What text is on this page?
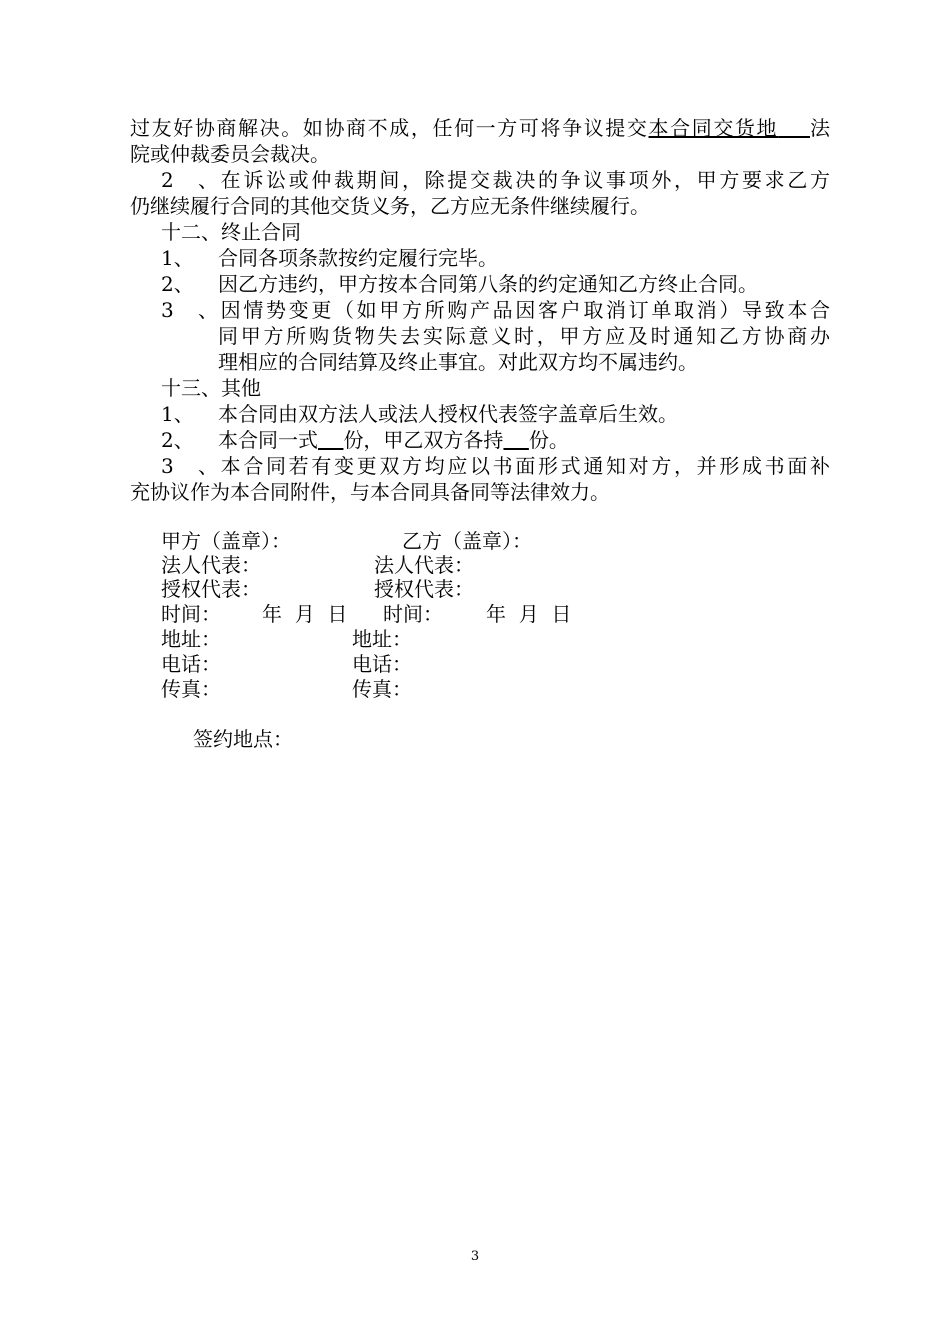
过友好协商解决。如协商不成，任何一方可将争议提交本合同交货地 法
院或仲裁委员会裁决。
2、在诉讼或仲裁期间，除提交裁决的争议事项外，甲方要求乙方
仍继续履行合同的其他交货义务，乙方应无条件继续履行。
十二、终止合同
1、 合同各项条款按约定履行完毕。
2、 因乙方违约，甲方按本合同第八条的约定通知乙方终止合同。
3、因情势变更（如甲方所购产品因客户取消订单取消）导致本合
同甲方所购货物失去实际意义时，甲方应及时通知乙方协商办
理相应的合同结算及终止事宜。对此双方均不属违约。
十三、其他
1、 本合同由双方法人或法人授权代表签字盖章后生效。
2、 本合同一式 份，甲乙双方各持 份。
3、本合同若有变更双方均应以书面形式通知对方，并形成书面补
充协议作为本合同附件，与本合同具备同等法律效力。
甲方（盖章）：	乙方（盖章）：
法人代表：	法人代表：
授权代表：	授权代表：
时间： 年  月  日 时间： 年  月  日
地址：	地址：
电话：	电话：
传真：	传真：
签约地点：
3
